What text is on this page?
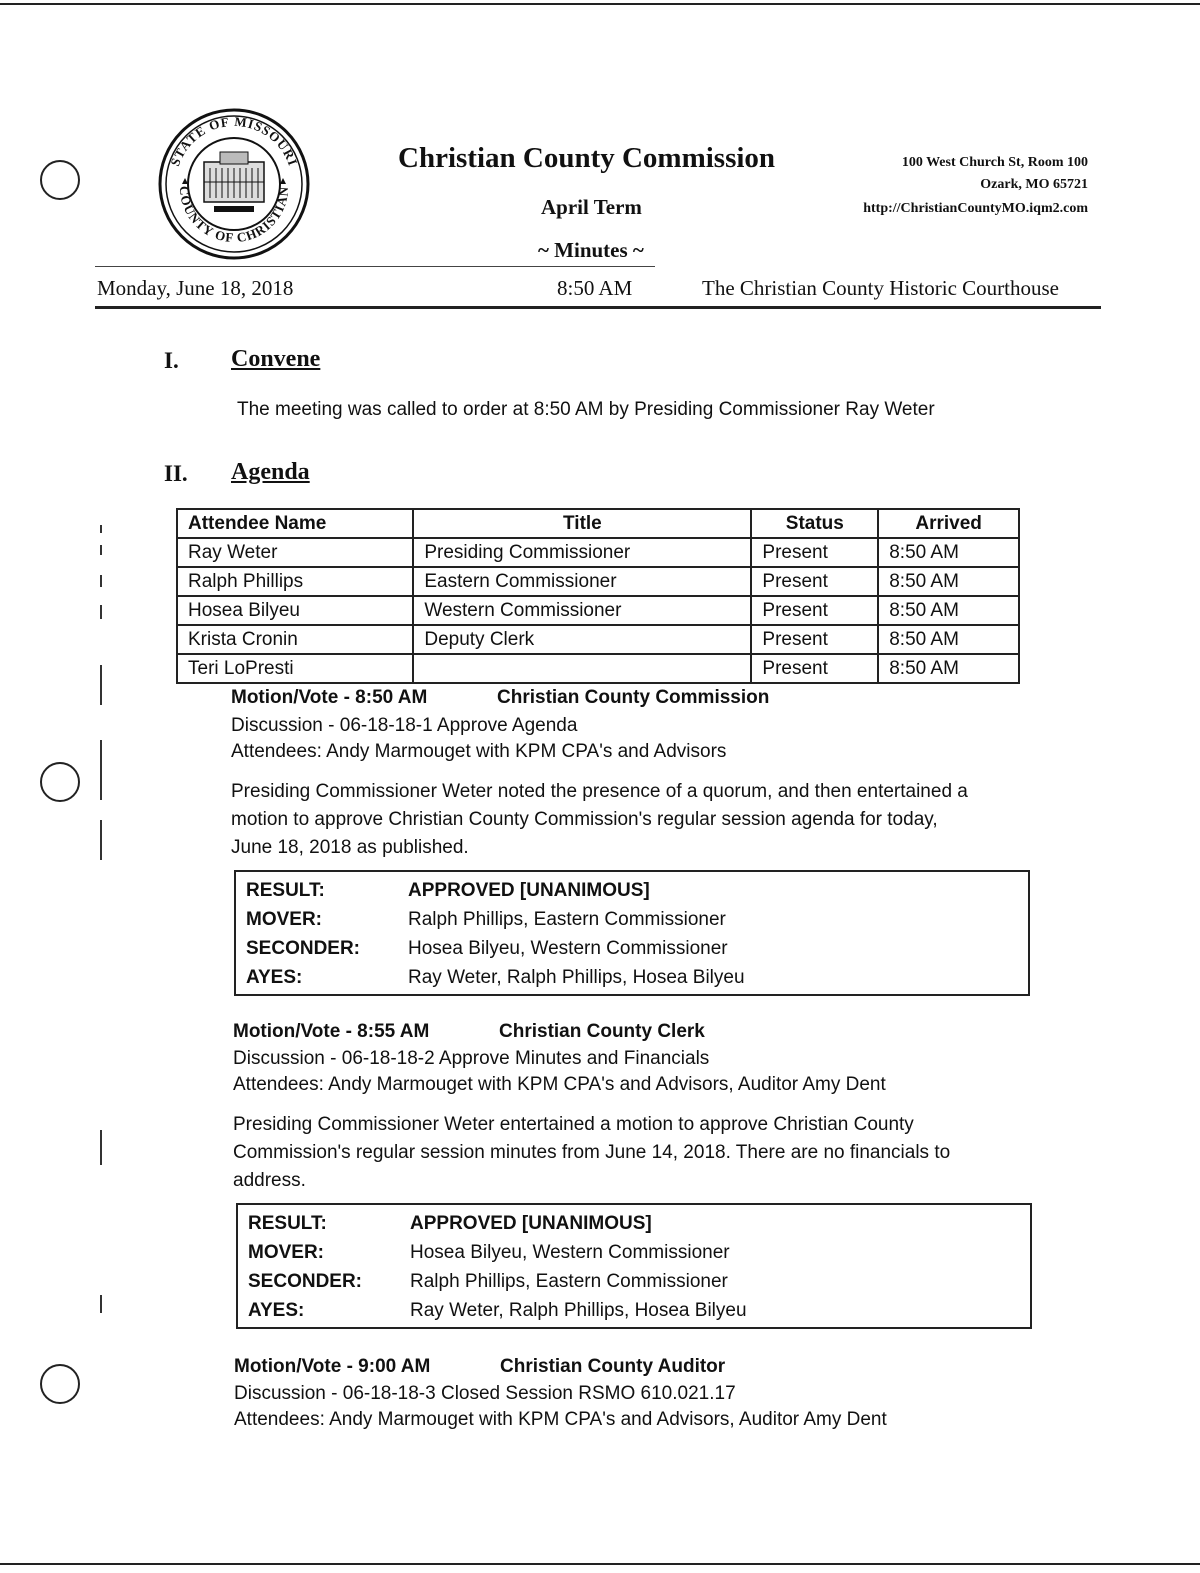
STATE OF MISSOURI
COUNTY OF CHRISTIAN
Christian County Commission
April Term
~ Minutes ~
100 West Church St, Room 100
Ozark, MO 65721
http://ChristianCountyMO.iqm2.com
Monday, June 18, 2018	8:50 AM	The Christian County Historic Courthouse
I. Convene
The meeting was called to order at 8:50 AM by Presiding Commissioner Ray Weter
II. Agenda
Attendee Name	Title	Status	Arrived
Ray Weter	Presiding Commissioner	Present	8:50 AM
Ralph Phillips	Eastern Commissioner	Present	8:50 AM
Hosea Bilyeu	Western Commissioner	Present	8:50 AM
Krista Cronin	Deputy Clerk	Present	8:50 AM
Teri LoPresti		Present	8:50 AM
Motion/Vote - 8:50 AM	Christian County Commission
Discussion - 06-18-18-1 Approve Agenda
Attendees: Andy Marmouget with KPM CPA's and Advisors
Presiding Commissioner Weter noted the presence of a quorum, and then entertained a
motion to approve Christian County Commission's regular session agenda for today,
June 18, 2018 as published.
RESULT:	APPROVED [UNANIMOUS]
MOVER:	Ralph Phillips, Eastern Commissioner
SECONDER:	Hosea Bilyeu, Western Commissioner
AYES:	Ray Weter, Ralph Phillips, Hosea Bilyeu
Motion/Vote - 8:55 AM	Christian County Clerk
Discussion - 06-18-18-2 Approve Minutes and Financials
Attendees: Andy Marmouget with KPM CPA's and Advisors, Auditor Amy Dent
Presiding Commissioner Weter entertained a motion to approve Christian County
Commission's regular session minutes from June 14, 2018. There are no financials to
address.
RESULT:	APPROVED [UNANIMOUS]
MOVER:	Hosea Bilyeu, Western Commissioner
SECONDER:	Ralph Phillips, Eastern Commissioner
AYES:	Ray Weter, Ralph Phillips, Hosea Bilyeu
Motion/Vote - 9:00 AM	Christian County Auditor
Discussion - 06-18-18-3 Closed Session RSMO 610.021.17
Attendees: Andy Marmouget with KPM CPA's and Advisors, Auditor Amy Dent
